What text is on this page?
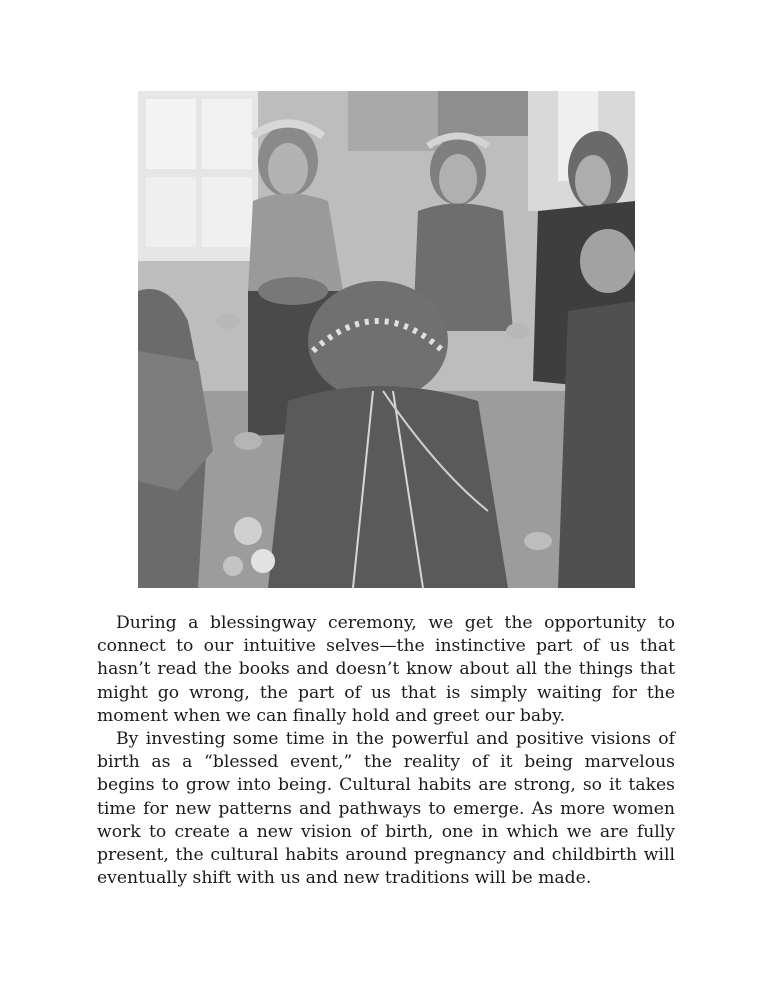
During a blessingway ceremony, we get the opportunity to connect to our intuitive selves—the instinctive part of us that hasn’t read the books and doesn’t know about all the things that might go wrong, the part of us that is simply waiting for the moment when we can finally hold and greet our baby.

By investing some time in the powerful and positive visions of birth as a “blessed event,” the reality of it being marvelous begins to grow into being. Cultural habits are strong, so it takes time for new patterns and pathways to emerge. As more women work to create a new vision of birth, one in which we are fully present, the cultural habits around pregnancy and childbirth will eventually shift with us and new traditions will be made.
